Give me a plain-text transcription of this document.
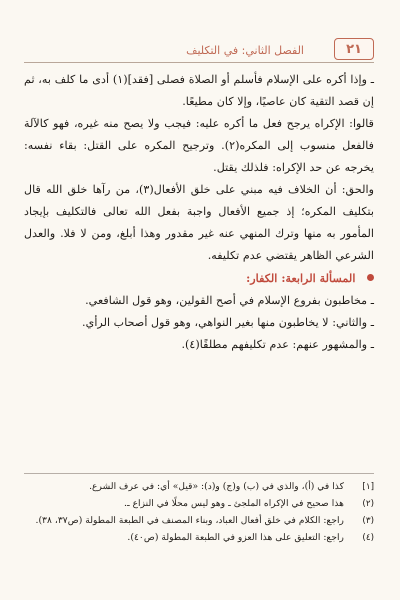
٢١
الفصل الثاني: في التكليف

ـ وإذا أكره على الإسلام فأسلم أو الصلاة فصلى [فقد](١) أدى ما كلف به، ثم إن قصد التقية كان عاصيًا، وإلا كان مطيعًا.

قالوا: الإكراه يرجح فعل ما أكره عليه: فيجب ولا يصح منه غيره، فهو كالآلة فالفعل منسوب إلى المكره(٢). وترجيح المكره على القتل: بقاء نفسه: يخرجه عن حد الإكراه: فلذلك يقتل.

والحق: أن الخلاف فيه مبني على خلق الأفعال(٣)، من رآها خلق الله قال بتكليف المكره؛ إذ جميع الأفعال واجبة بفعل الله تعالى فالتكليف بإيجاد المأمور به منها وترك المنهي عنه غير مقدور وهذا أبلغ، ومن لا فلا. والعدل الشرعي الظاهر يقتضي عدم تكليفه.

المسألة الرابعة: الكفار:

ـ مخاطبون بفروع الإسلام في أصح القولين، وهو قول الشافعي.

ـ والثاني: لا يخاطبون منها بغير النواهي، وهو قول أصحاب الرأي.

ـ والمشهور عنهم: عدم تكليفهم مطلقًا(٤).

[١]
كذا في (أ)، والذي في (ب) و(ج) و(د): «قيل» أي: في عرف الشرع.
(٢)
هذا صحيح في الإكراه الملجئ ـ وهو ليس محلًا في النزاع ـ.
(٣)
راجع: الكلام في خلق أفعال العباد، وبناء المصنف في الطبعة المطولة (ص٣٧، ٣٨).
(٤)
راجع: التعليق على هذا العزو في الطبعة المطولة (ص٤٠).
